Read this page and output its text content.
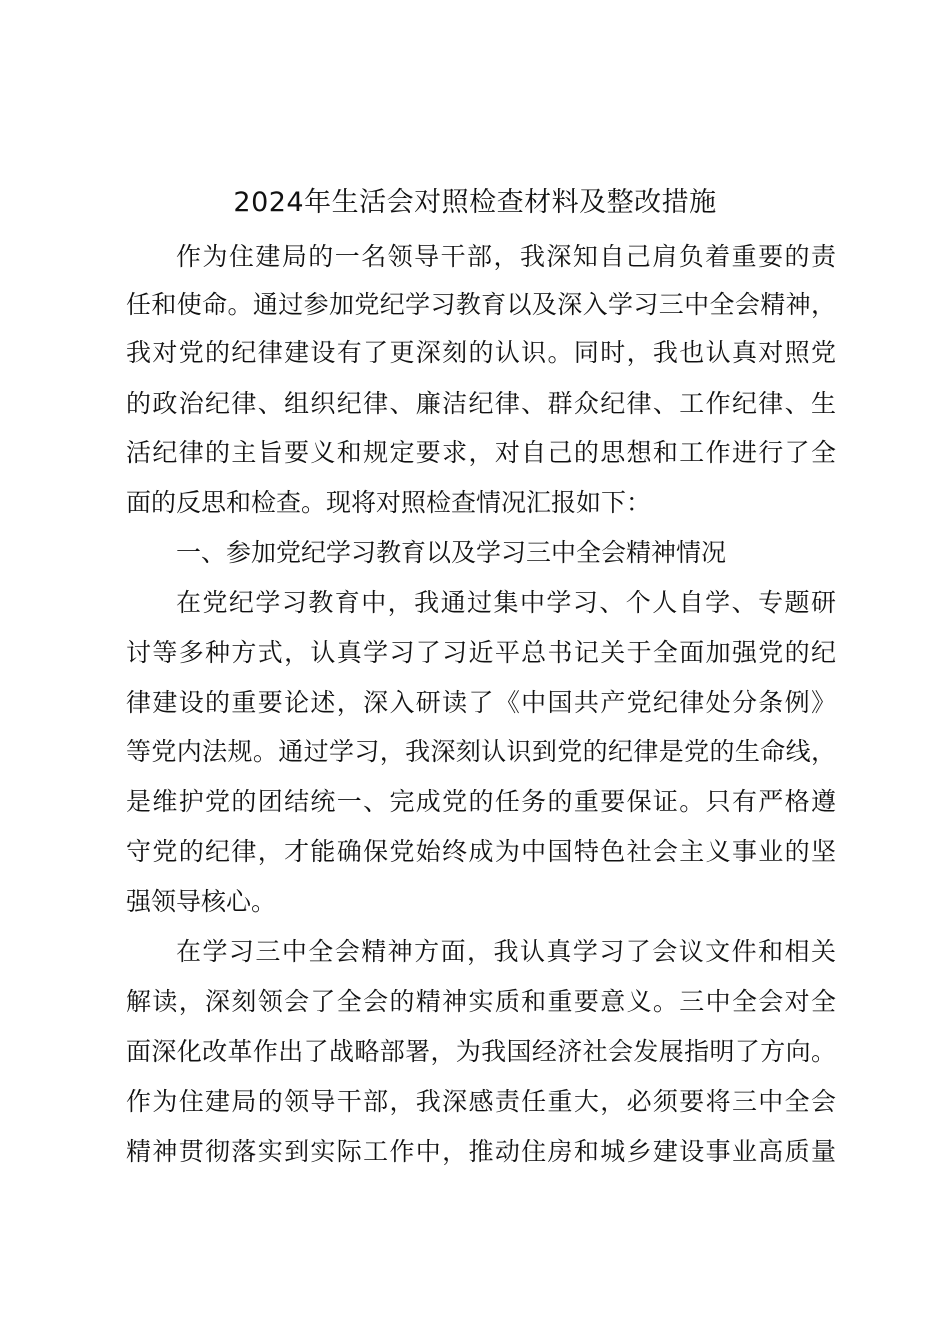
2024年生活会对照检查材料及整改措施
作为住建局的一名领导干部，我深知自己肩负着重要的责
任和使命。通过参加党纪学习教育以及深入学习三中全会精神，
我对党的纪律建设有了更深刻的认识。同时，我也认真对照党
的政治纪律、组织纪律、廉洁纪律、群众纪律、工作纪律、生
活纪律的主旨要义和规定要求，对自己的思想和工作进行了全
面的反思和检查。现将对照检查情况汇报如下：
一、参加党纪学习教育以及学习三中全会精神情况
在党纪学习教育中，我通过集中学习、个人自学、专题研
讨等多种方式，认真学习了习近平总书记关于全面加强党的纪
律建设的重要论述，深入研读了《中国共产党纪律处分条例》
等党内法规。通过学习，我深刻认识到党的纪律是党的生命线，
是维护党的团结统一、完成党的任务的重要保证。只有严格遵
守党的纪律，才能确保党始终成为中国特色社会主义事业的坚
强领导核心。
在学习三中全会精神方面，我认真学习了会议文件和相关
解读，深刻领会了全会的精神实质和重要意义。三中全会对全
面深化改革作出了战略部署，为我国经济社会发展指明了方向。
作为住建局的领导干部，我深感责任重大，必须要将三中全会
精神贯彻落实到实际工作中，推动住房和城乡建设事业高质量
